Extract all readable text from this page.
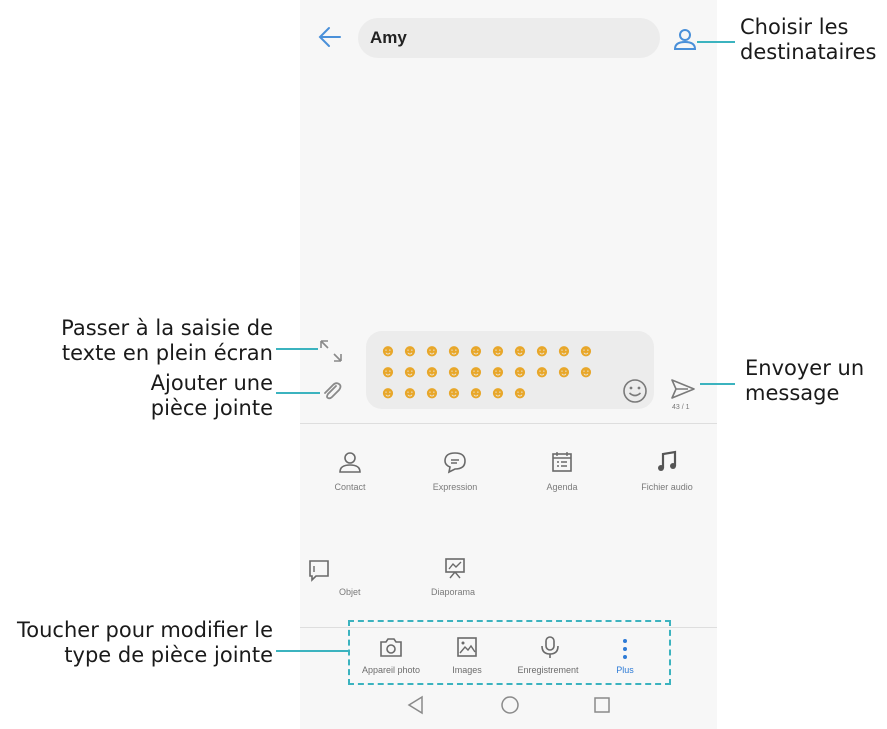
Amy	Choisir les destinataires
☻ ☻ ☻ ☻ ☻ ☻ ☻ ☻ ☻ ☻
☻ ☻ ☻ ☻ ☻ ☻ ☻ ☻ ☻ ☻
☻ ☻ ☻ ☻ ☻ ☻ ☻
43 / 1
Passer à la saisie de texte en plein écran
Ajouter une pièce jointe
Envoyer un message
Contact	Expression	Agenda	Fichier audio
Objet	Diaporama
Appareil photo	Images	Enregistrement	Plus
Toucher pour modifier le type de pièce jointe
